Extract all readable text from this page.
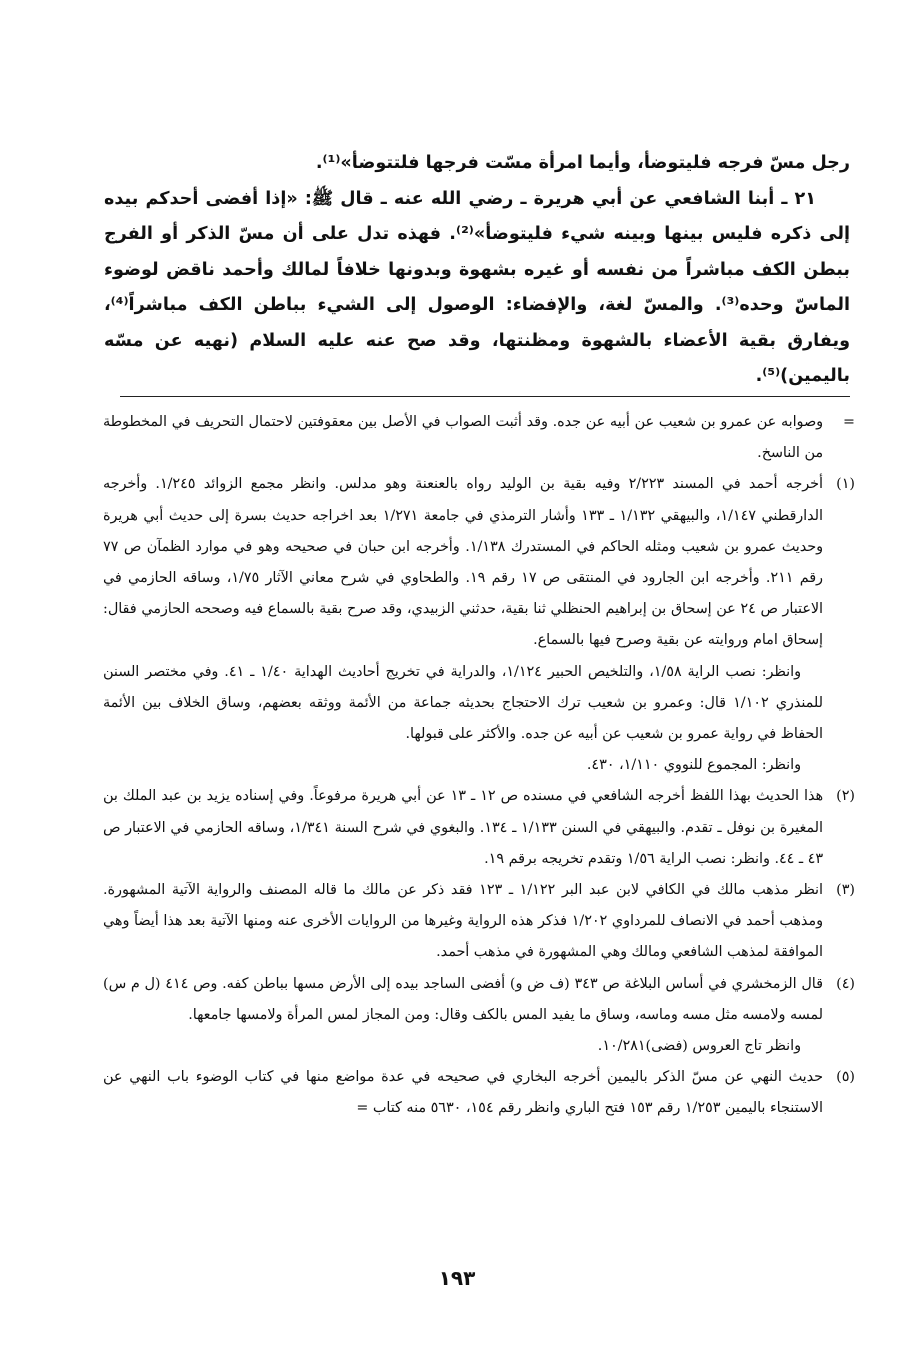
رجل مسّ فرجه فليتوضأ، وأيما امرأة مسّت فرجها فلتتوضأ»⁽¹⁾.

٢١ ـ أبنا الشافعي عن أبي هريرة ـ رضي الله عنه ـ قال ﷺ: «إذا أفضى أحدكم بيده إلى ذكره فليس بينها وبينه شيء فليتوضأ»⁽²⁾. فهذه تدل على أن مسّ الذكر أو الفرج ببطن الكف مباشراً من نفسه أو غيره بشهوة وبدونها خلافاً لمالك وأحمد ناقض لوضوء الماسّ وحده⁽³⁾. والمسّ لغة، والإفضاء: الوصول إلى الشيء بباطن الكف مباشراً⁽⁴⁾، ويفارق بقية الأعضاء بالشهوة ومظنتها، وقد صح عنه عليه السلام (نهيه عن مسّه باليمين)⁽⁵⁾.

=

وصوابه عن عمرو بن شعيب عن أبيه عن جده. وقد أثبت الصواب في الأصل بين معقوفتين لاحتمال التحريف في المخطوطة من الناسخ.

(١)

أخرجه أحمد في المسند ٢/٢٢٣ وفيه بقية بن الوليد رواه بالعنعنة وهو مدلس. وانظر مجمع الزوائد ١/٢٤٥. وأخرجه الدارقطني ١/١٤٧، والبيهقي ١/١٣٢ ـ ١٣٣ وأشار الترمذي في جامعة ١/٢٧١ بعد اخراجه حديث بسرة إلى حديث أبي هريرة وحديث عمرو بن شعيب ومثله الحاكم في المستدرك ١/١٣٨. وأخرجه ابن حبان في صحيحه وهو في موارد الظمآن ص ٧٧ رقم ٢١١. وأخرجه ابن الجارود في المنتقى ص ١٧ رقم ١٩. والطحاوي في شرح معاني الآثار ١/٧٥، وساقه الحازمي في الاعتبار ص ٢٤ عن إسحاق بن إبراهيم الحنظلي ثنا بقية، حدثني الزبيدي، وقد صرح بقية بالسماع فيه وصححه الحازمي فقال: إسحاق امام وروايته عن بقية وصرح فيها بالسماع.

وانظر: نصب الراية ١/٥٨، والتلخيص الحبير ١/١٢٤، والدراية في تخريج أحاديث الهداية ١/٤٠ ـ ٤١. وفي مختصر السنن للمنذري ١/١٠٢ قال: وعمرو بن شعيب ترك الاحتجاج بحديثه جماعة من الأئمة ووثقه بعضهم، وساق الخلاف بين الأئمة الحفاظ في رواية عمرو بن شعيب عن أبيه عن جده. والأكثر على قبولها.

وانظر: المجموع للنووي ١/١١٠، ٤٣٠.

(٢)

هذا الحديث بهذا اللفظ أخرجه الشافعي في مسنده ص ١٢ ـ ١٣ عن أبي هريرة مرفوعاً. وفي إسناده يزيد بن عبد الملك بن المغيرة بن نوفل ـ تقدم. والبيهقي في السنن ١/١٣٣ ـ ١٣٤. والبغوي في شرح السنة ١/٣٤١، وساقه الحازمي في الاعتبار ص ٤٣ ـ ٤٤. وانظر: نصب الراية ١/٥٦ وتقدم تخريجه برقم ١٩.

(٣)

انظر مذهب مالك في الكافي لابن عبد البر ١/١٢٢ ـ ١٢٣ فقد ذكر عن مالك ما قاله المصنف والرواية الآتية المشهورة. ومذهب أحمد في الانصاف للمرداوي ١/٢٠٢ فذكر هذه الرواية وغيرها من الروايات الأخرى عنه ومنها الآتية بعد هذا أيضاً وهي الموافقة لمذهب الشافعي ومالك وهي المشهورة في مذهب أحمد.

(٤)

قال الزمخشري في أساس البلاغة ص ٣٤٣ (ف ض و) أفضى الساجد بيده إلى الأرض مسها بباطن كفه. وص ٤١٤ (ل م س) لمسه ولامسه مثل مسه وماسه، وساق ما يفيد المس بالكف وقال: ومن المجاز لمس المرأة ولامسها جامعها.

وانظر تاج العروس (فضى)١٠/٢٨١.

(٥)

حديث النهي عن مسّ الذكر باليمين أخرجه البخاري في صحيحه في عدة مواضع منها في كتاب الوضوء باب النهي عن الاستنجاء باليمين ١/٢٥٣ رقم ١٥٣ فتح الباري وانظر رقم ١٥٤، ٥٦٣٠ منه كتاب =

١٩٣
